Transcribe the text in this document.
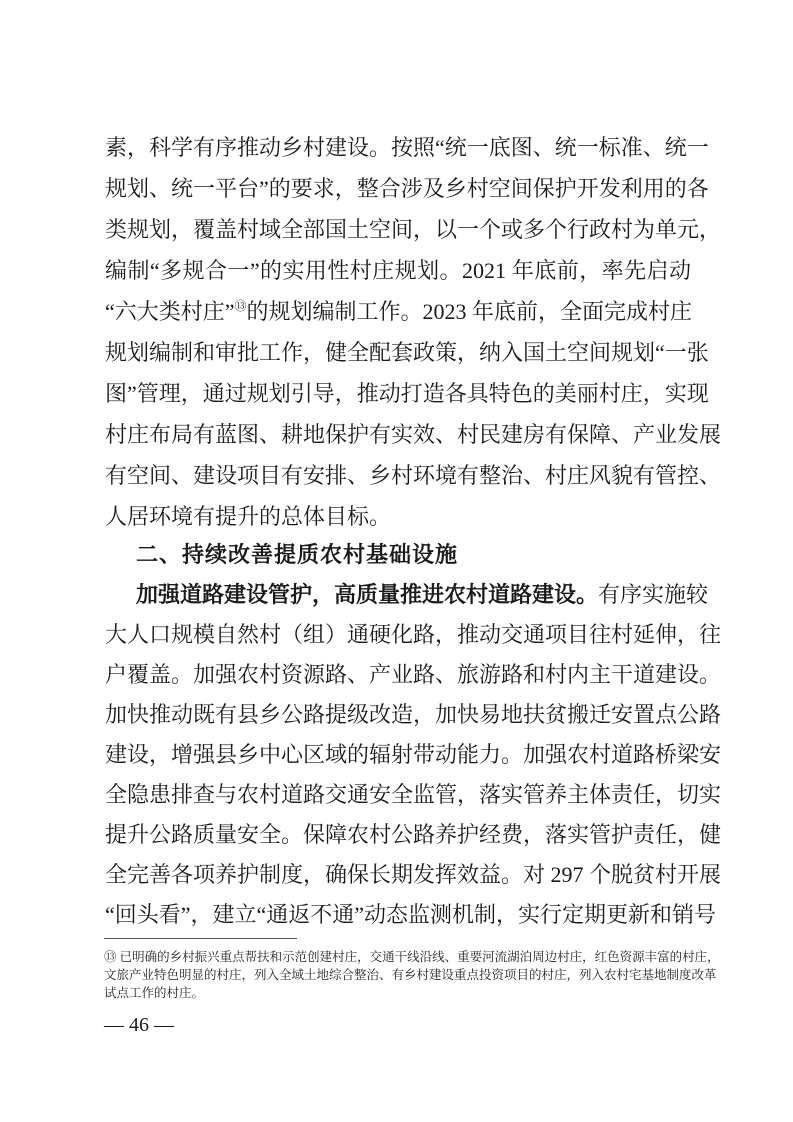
素，科学有序推动乡村建设。按照“统一底图、统一标准、统一
规划、统一平台”的要求，整合涉及乡村空间保护开发利用的各
类规划，覆盖村域全部国土空间，以一个或多个行政村为单元，
编制“多规合一”的实用性村庄规划。2021 年底前，率先启动
“六大类村庄”⑬的规划编制工作。2023 年底前，全面完成村庄
规划编制和审批工作，健全配套政策，纳入国土空间规划“一张
图”管理，通过规划引导，推动打造各具特色的美丽村庄，实现
村庄布局有蓝图、耕地保护有实效、村民建房有保障、产业发展
有空间、建设项目有安排、乡村环境有整治、村庄风貌有管控、
人居环境有提升的总体目标。
二、持续改善提质农村基础设施
加强道路建设管护，高质量推进农村道路建设。有序实施较
大人口规模自然村（组）通硬化路，推动交通项目往村延伸，往
户覆盖。加强农村资源路、产业路、旅游路和村内主干道建设。
加快推动既有县乡公路提级改造，加快易地扶贫搬迁安置点公路
建设，增强县乡中心区域的辐射带动能力。加强农村道路桥梁安
全隐患排查与农村道路交通安全监管，落实管养主体责任，切实
提升公路质量安全。保障农村公路养护经费，落实管护责任，健
全完善各项养护制度，确保长期发挥效益。对 297 个脱贫村开展
“回头看”，建立“通返不通”动态监测机制，实行定期更新和销号
⑬ 已明确的乡村振兴重点帮扶和示范创建村庄，交通干线沿线、重要河流湖泊周边村庄，红色资源丰富的村庄，
文旅产业特色明显的村庄，列入全域土地综合整治、有乡村建设重点投资项目的村庄，列入农村宅基地制度改革
试点工作的村庄。
— 46 —
